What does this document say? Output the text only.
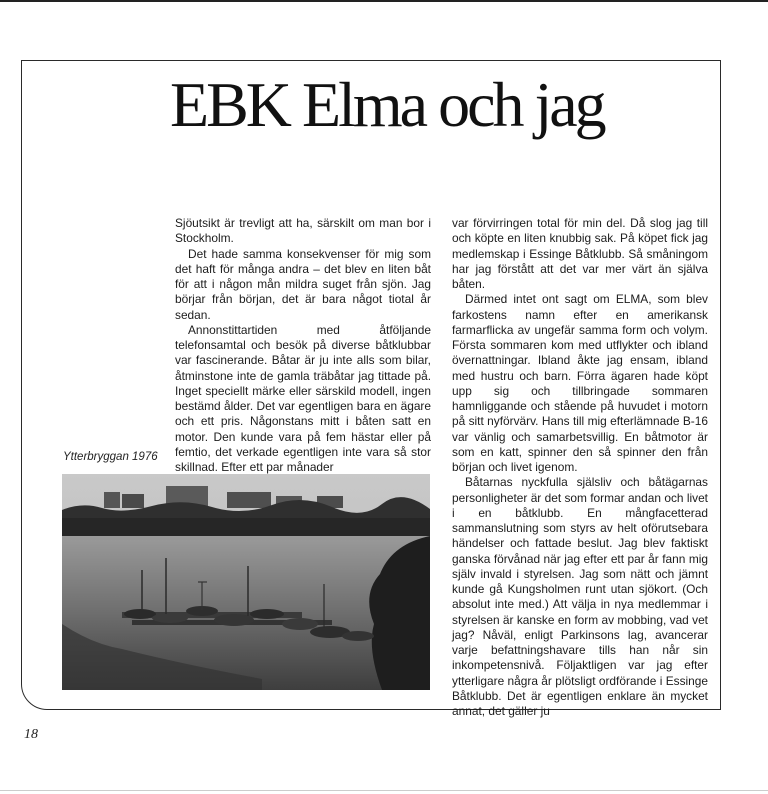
EBK Elma och jag

Sjöutsikt är trevligt att ha, särskilt om man bor i Stockholm.

Det hade samma konsekvenser för mig som det haft för många andra – det blev en liten båt för att i någon mån mildra suget från sjön. Jag börjar från början, det är bara något tiotal år sedan.

Annonstittartiden med åtföljande telefonsamtal och besök på diverse båtklubbar var fascinerande. Båtar är ju inte alls som bilar, åtminstone inte de gamla träbåtar jag tittade på. Inget speciellt märke eller särskild modell, ingen bestämd ålder. Det var egentligen bara en ägare och ett pris. Någonstans mitt i båten satt en motor. Den kunde vara på fem hästar eller på femtio, det verkade egentligen inte vara så stor skillnad. Efter ett par månader

var förvirringen total för min del. Då slog jag till och köpte en liten knubbig sak. På köpet fick jag medlemskap i Essinge Båtklubb. Så småningom har jag förstått att det var mer värt än själva båten.

Därmed intet ont sagt om ELMA, som blev farkostens namn efter en amerikansk farmarflicka av ungefär samma form och volym. Första sommaren kom med utflykter och ibland övernattningar. Ibland åkte jag ensam, ibland med hustru och barn. Förra ägaren hade köpt upp sig och tillbringade sommaren hamnliggande och stående på huvudet i motorn på sitt nyförvärv. Hans till mig efterlämnade B-16 var vänlig och samarbetsvillig. En båtmotor är som en katt, spinner den så spinner den från början och livet igenom.

Båtarnas nyckfulla själsliv och båtägarnas personligheter är det som formar andan och livet i en båtklubb. En mångfacetterad sammanslutning som styrs av helt oförutsebara händelser och fattade beslut. Jag blev faktiskt ganska förvånad när jag efter ett par år fann mig själv invald i styrelsen. Jag som nätt och jämnt kunde gå Kungsholmen runt utan sjökort. (Och absolut inte med.) Att välja in nya medlemmar i styrelsen är kanske en form av mobbing, vad vet jag? Nåväl, enligt Parkinsons lag, avancerar varje befattningshavare tills han når sin inkompetensnivå. Följaktligen var jag efter ytterligare några år plötsligt ordförande i Essinge Båtklubb. Det är egentligen enklare än mycket annat, det gäller ju

Ytterbryggan 1976
18
